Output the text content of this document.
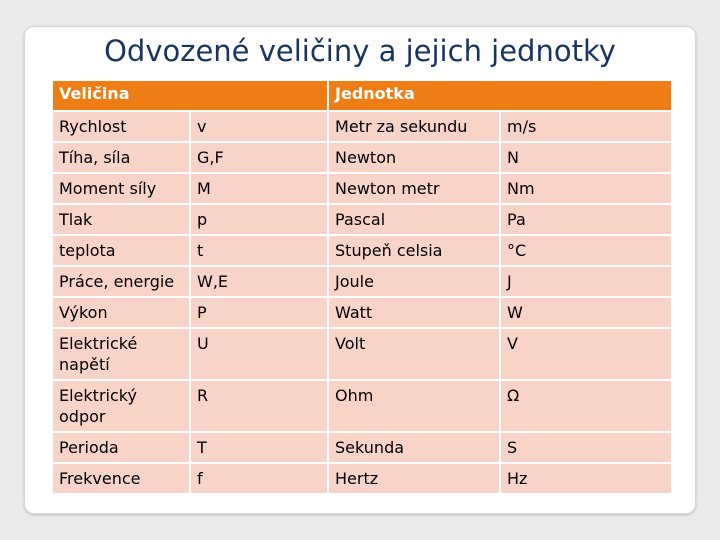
Odvozené veličiny a jejich jednotky
Veličina		Jednotka	
Rychlost	v	Metr za sekundu	m/s
Tíha, síla	G,F	Newton	N
Moment síly	M	Newton metr	Nm
Tlak	p	Pascal	Pa
teplota	t	Stupeň celsia	°C
Práce, energie	W,E	Joule	J
Výkon	P	Watt	W
Elektrické napětí	U	Volt	V
Elektrický odpor	R	Ohm	Ω
Perioda	T	Sekunda	S
Frekvence	f	Hertz	Hz
